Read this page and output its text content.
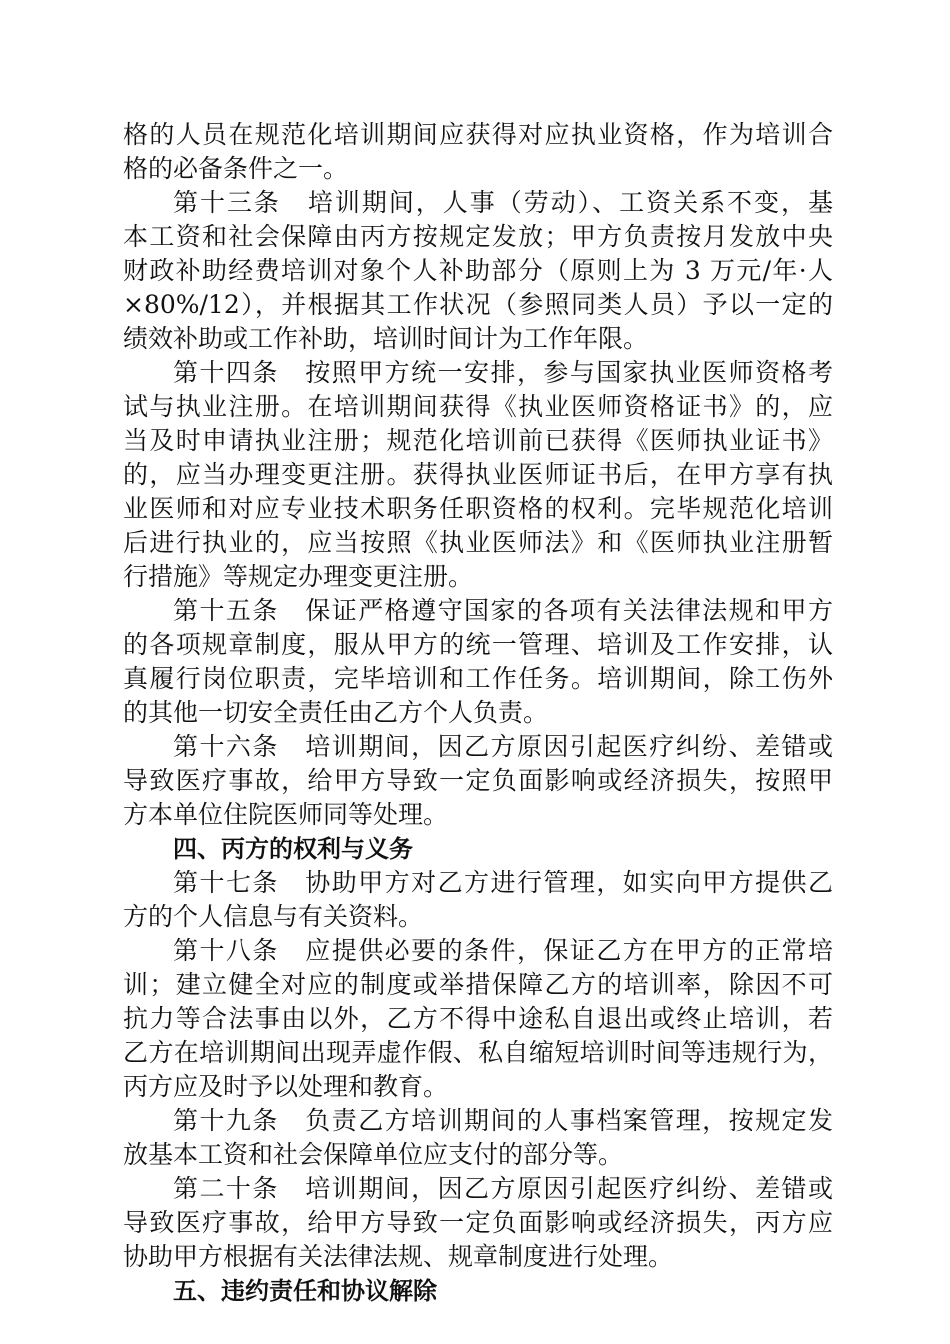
格的人员在规范化培训期间应获得对应执业资格，作为培训合
格的必备条件之一。
第十三条　培训期间，人事（劳动）、工资关系不变，基
本工资和社会保障由丙方按规定发放；甲方负责按月发放中央
财政补助经费培训对象个人补助部分（原则上为 3 万元/年·人
×80%/12），并根据其工作状况（参照同类人员）予以一定的
绩效补助或工作补助，培训时间计为工作年限。
第十四条　按照甲方统一安排，参与国家执业医师资格考
试与执业注册。在培训期间获得《执业医师资格证书》的，应
当及时申请执业注册；规范化培训前已获得《医师执业证书》
的，应当办理变更注册。获得执业医师证书后，在甲方享有执
业医师和对应专业技术职务任职资格的权利。完毕规范化培训
后进行执业的，应当按照《执业医师法》和《医师执业注册暂
行措施》等规定办理变更注册。
第十五条　保证严格遵守国家的各项有关法律法规和甲方
的各项规章制度，服从甲方的统一管理、培训及工作安排，认
真履行岗位职责，完毕培训和工作任务。培训期间，除工伤外
的其他一切安全责任由乙方个人负责。
第十六条　培训期间，因乙方原因引起医疗纠纷、差错或
导致医疗事故，给甲方导致一定负面影响或经济损失，按照甲
方本单位住院医师同等处理。
四、丙方的权利与义务
第十七条　协助甲方对乙方进行管理，如实向甲方提供乙
方的个人信息与有关资料。
第十八条　应提供必要的条件，保证乙方在甲方的正常培
训；建立健全对应的制度或举措保障乙方的培训率，除因不可
抗力等合法事由以外，乙方不得中途私自退出或终止培训，若
乙方在培训期间出现弄虚作假、私自缩短培训时间等违规行为，
丙方应及时予以处理和教育。
第十九条　负责乙方培训期间的人事档案管理，按规定发
放基本工资和社会保障单位应支付的部分等。
第二十条　培训期间，因乙方原因引起医疗纠纷、差错或
导致医疗事故，给甲方导致一定负面影响或经济损失，丙方应
协助甲方根据有关法律法规、规章制度进行处理。
五、违约责任和协议解除
